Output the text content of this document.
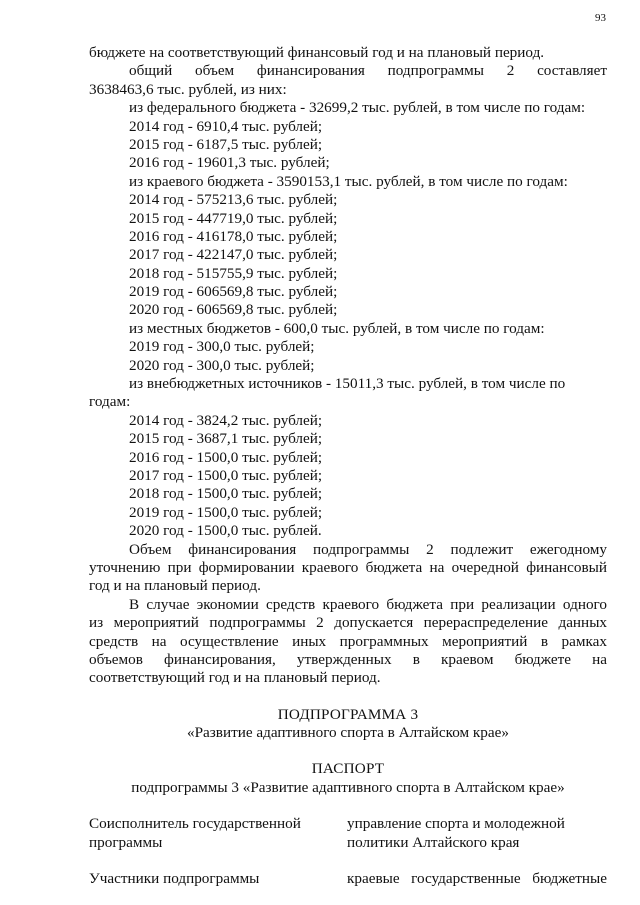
93
бюджете на соответствующий финансовый год и на плановый период.
общий объем финансирования подпрограммы 2 составляет
3638463,6 тыс. рублей, из них:
из федерального бюджета - 32699,2 тыс. рублей, в том числе по годам:
2014 год - 6910,4 тыс. рублей;
2015 год - 6187,5 тыс. рублей;
2016 год - 19601,3 тыс. рублей;
из краевого бюджета - 3590153,1 тыс. рублей, в том числе по годам:
2014 год - 575213,6 тыс. рублей;
2015 год - 447719,0 тыс. рублей;
2016 год - 416178,0 тыс. рублей;
2017 год - 422147,0 тыс. рублей;
2018 год - 515755,9 тыс. рублей;
2019 год - 606569,8 тыс. рублей;
2020 год - 606569,8 тыс. рублей;
из местных бюджетов - 600,0 тыс. рублей, в том числе по годам:
2019 год - 300,0 тыс. рублей;
2020 год - 300,0 тыс. рублей;
из внебюджетных источников - 15011,3 тыс. рублей, в том числе по
годам:
2014 год - 3824,2 тыс. рублей;
2015 год - 3687,1 тыс. рублей;
2016 год - 1500,0 тыс. рублей;
2017 год - 1500,0 тыс. рублей;
2018 год - 1500,0 тыс. рублей;
2019 год - 1500,0 тыс. рублей;
2020 год - 1500,0 тыс. рублей.
Объем финансирования подпрограммы 2 подлежит ежегодному
уточнению при формировании краевого бюджета на очередной финансовый
год и на плановый период.
В случае экономии средств краевого бюджета при реализации одного
из мероприятий подпрограммы 2 допускается перераспределение данных
средств на осуществление иных программных мероприятий в рамках
объемов финансирования, утвержденных в краевом бюджете на
соответствующий год и на плановый период.
ПОДПРОГРАММА 3
«Развитие адаптивного спорта в Алтайском крае»
ПАСПОРТ
подпрограммы 3 «Развитие адаптивного спорта в Алтайском крае»
Соисполнитель государственной
программы
управление спорта и молодежной
политики Алтайского края
Участники подпрограммы	краевые государственные бюджетные
